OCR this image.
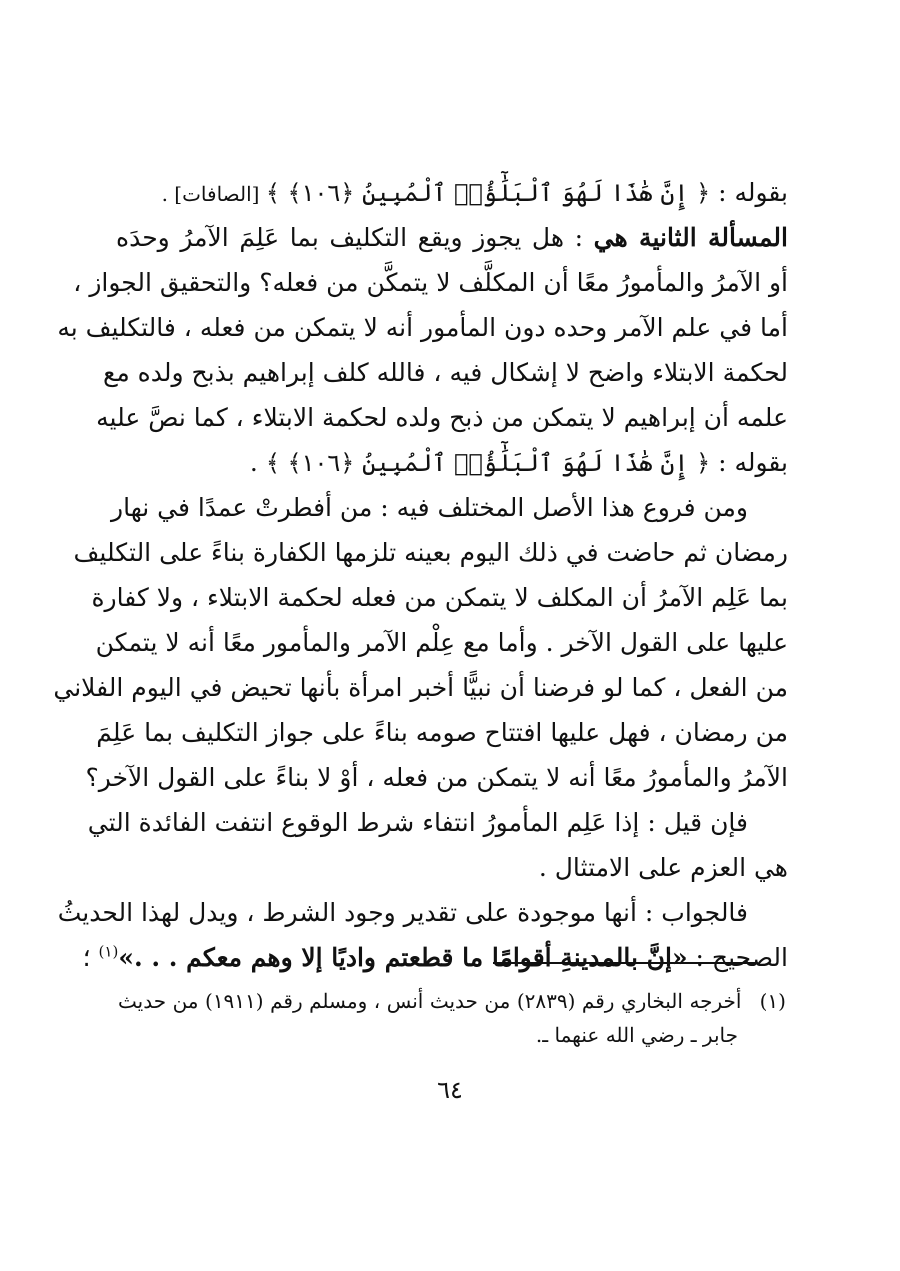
بقوله : ﴿ إِنَّ هَٰذَا لَهُوَ ٱلْبَلَٰٓؤُا۟ ٱلْمُبِينُ ﴿١٠٦﴾ ﴾ [الصافات] .
المسألة الثانية هي : هل يجوز ويقع التكليف بما عَلِمَ الآمرُ وحدَه
أو الآمرُ والمأمورُ معًا أن المكلَّف لا يتمكَّن من فعله؟ والتحقيق الجواز ،
أما في علم الآمر وحده دون المأمور أنه لا يتمكن من فعله ، فالتكليف به
لحكمة الابتلاء واضح لا إشكال فيه ، فالله كلف إبراهيم بذبح ولده مع
علمه أن إبراهيم لا يتمكن من ذبح ولده لحكمة الابتلاء ، كما نصَّ عليه
بقوله : ﴿ إِنَّ هَٰذَا لَهُوَ ٱلْبَلَٰٓؤُا۟ ٱلْمُبِينُ ﴿١٠٦﴾ ﴾ .
ومن فروع هذا الأصل المختلف فيه : من أفطرتْ عمدًا في نهار
رمضان ثم حاضت في ذلك اليوم بعينه تلزمها الكفارة بناءً على التكليف
بما عَلِم الآمرُ أن المكلف لا يتمكن من فعله لحكمة الابتلاء ، ولا كفارة
عليها على القول الآخر . وأما مع عِلْم الآمر والمأمور معًا أنه لا يتمكن
من الفعل ، كما لو فرضنا أن نبيًّا أخبر امرأة بأنها تحيض في اليوم الفلاني
من رمضان ، فهل عليها افتتاح صومه بناءً على جواز التكليف بما عَلِمَ
الآمرُ والمأمورُ معًا أنه لا يتمكن من فعله ، أوْ لا بناءً على القول الآخر؟
فإن قيل : إذا عَلِم المأمورُ انتفاء شرط الوقوع انتفت الفائدة التي
هي العزم على الامتثال .
فالجواب : أنها موجودة على تقدير وجود الشرط ، ويدل لهذا الحديثُ
الصحيح : «إنَّ بالمدينةِ أقوامًا ما قطعتم واديًا إلا وهم معكم . . .»$^{(١)}$ ؛
(١) أخرجه البخاري رقم (٢٨٣٩) من حديث أنس ، ومسلم رقم (١٩١١) من حديث
جابر ـ رضي الله عنهما ـ.
٦٤
